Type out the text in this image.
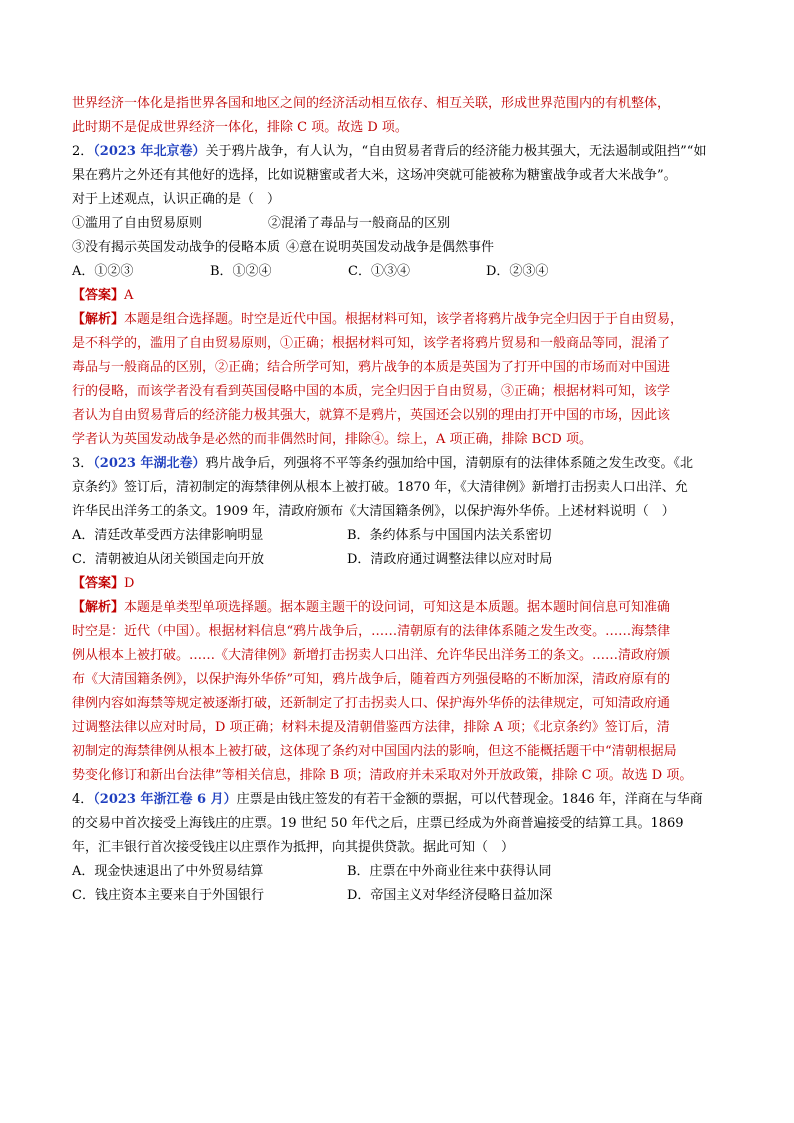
世界经济一体化是指世界各国和地区之间的经济活动相互依存、相互关联，形成世界范围内的有机整体，
此时期不是促成世界经济一体化，排除 C 项。故选 D 项。
2．（2023 年北京卷）关于鸦片战争，有人认为，“自由贸易者背后的经济能力极其强大，无法遏制或阻挡”“如
果在鸦片之外还有其他好的选择，比如说糖蜜或者大米，这场冲突就可能被称为糖蜜战争或者大米战争”。
对于上述观点，认识正确的是（　）
①滥用了自由贸易原则	②混淆了毒品与一般商品的区别
③没有揭示英国发动战争的侵略本质 ④意在说明英国发动战争是偶然事件
A．①②③	B．①②④	C．①③④	D．②③④
【答案】A
【解析】本题是组合选择题。时空是近代中国。根据材料可知，该学者将鸦片战争完全归因于于自由贸易，
是不科学的，滥用了自由贸易原则，①正确；根据材料可知，该学者将鸦片贸易和一般商品等同，混淆了
毒品与一般商品的区别，②正确；结合所学可知，鸦片战争的本质是英国为了打开中国的市场而对中国进
行的侵略，而该学者没有看到英国侵略中国的本质，完全归因于自由贸易，③正确；根据材料可知，该学
者认为自由贸易背后的经济能力极其强大，就算不是鸦片，英国还会以别的理由打开中国的市场，因此该
学者认为英国发动战争是必然的而非偶然时间，排除④。综上，A 项正确，排除 BCD 项。
3．（2023 年湖北卷）鸦片战争后，列强将不平等条约强加给中国，清朝原有的法律体系随之发生改变。《北
京条约》签订后，清初制定的海禁律例从根本上被打破。1870 年，《大清律例》新增打击拐卖人口出洋、允
许华民出洋务工的条文。1909 年，清政府颁布《大清国籍条例》，以保护海外华侨。上述材料说明（　）
A．清廷改革受西方法律影响明显	B．条约体系与中国国内法关系密切
C．清朝被迫从闭关锁国走向开放	D．清政府通过调整法律以应对时局
【答案】D
【解析】本题是单类型单项选择题。据本题主题干的设问词，可知这是本质题。据本题时间信息可知准确
时空是：近代（中国）。根据材料信息“鸦片战争后，……清朝原有的法律体系随之发生改变。……海禁律
例从根本上被打破。……《大清律例》新增打击拐卖人口出洋、允许华民出洋务工的条文。……清政府颁
布《大清国籍条例》，以保护海外华侨”可知，鸦片战争后，随着西方列强侵略的不断加深，清政府原有的
律例内容如海禁等规定被逐渐打破，还新制定了打击拐卖人口、保护海外华侨的法律规定，可知清政府通
过调整法律以应对时局，D 项正确；材料未提及清朝借鉴西方法律，排除 A 项；《北京条约》签订后，清
初制定的海禁律例从根本上被打破，这体现了条约对中国国内法的影响，但这不能概括题干中“清朝根据局
势变化修订和新出台法律”等相关信息，排除 B 项；清政府并未采取对外开放政策，排除 C 项。故选 D 项。
4．（2023 年浙江卷 6 月）庄票是由钱庄签发的有若干金额的票据，可以代替现金。1846 年，洋商在与华商
的交易中首次接受上海钱庄的庄票。19 世纪 50 年代之后，庄票已经成为外商普遍接受的结算工具。1869
年，汇丰银行首次接受钱庄以庄票作为抵押，向其提供贷款。据此可知（　）
A．现金快速退出了中外贸易结算	B．庄票在中外商业往来中获得认同
C．钱庄资本主要来自于外国银行	D．帝国主义对华经济侵略日益加深
